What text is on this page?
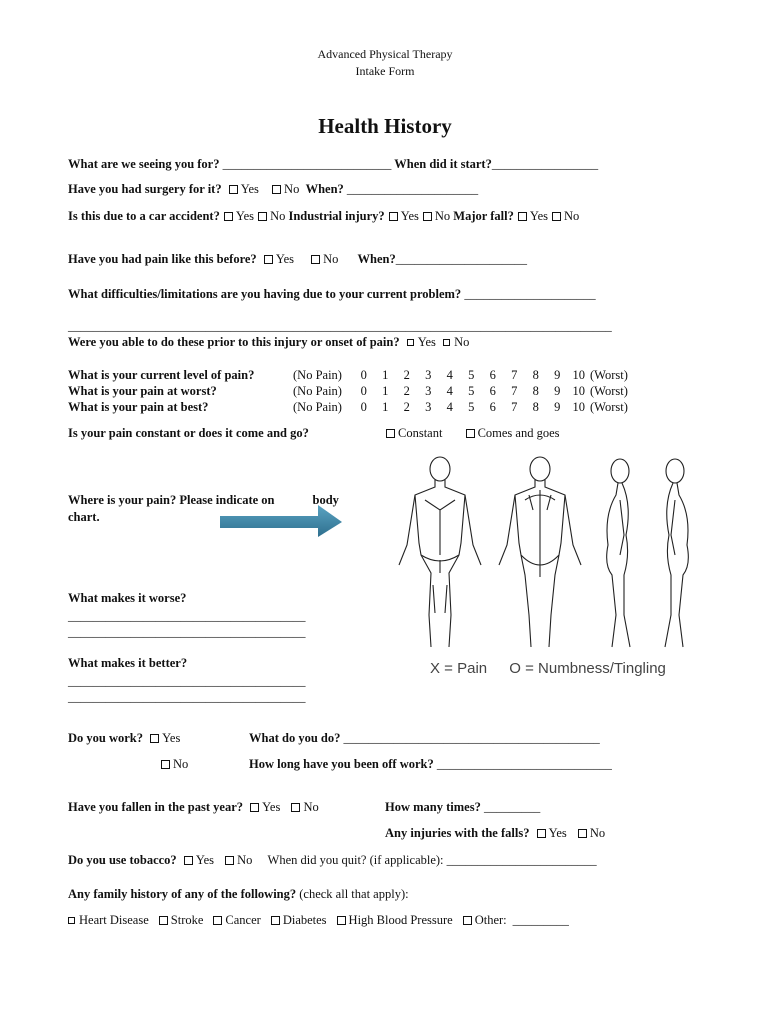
Advanced Physical Therapy
Intake Form
Health History
What are we seeing you for? ___________________________ When did it start?_________________
Have you had surgery for it? Yes No When? _____________________
Is this due to a car accident? Yes No Industrial injury? Yes No Major fall? Yes No
Have you had pain like this before? Yes No When?_____________________
What difficulties/limitations are you having due to your current problem? _____________________
_______________________________________________________________________________________
Were you able to do these prior to this injury or onset of pain? Yes No
What is your current level of pain?	(No Pain)	0 1 2 3 4 5 6 7 8 9 10 (Worst)
What is your pain at worst?	(No Pain)	0 1 2 3 4 5 6 7 8 9 10 (Worst)
What is your pain at best?	(No Pain)	0 1 2 3 4 5 6 7 8 9 10 (Worst)
Is your pain constant or does it come and go?	Constant	Comes and goes
Where is your pain? Please indicate on	body
chart.
X = Pain O = Numbness/Tingling
What makes it worse?
______________________________________
______________________________________
What makes it better?
______________________________________
______________________________________
Do you work? Yes
No
What do you do? _________________________________________
How long have you been off work? ____________________________
Have you fallen in the past year? Yes No	How many times? _________
Any injuries with the falls? Yes No
Do you use tobacco? Yes No When did you quit? (if applicable): ________________________
Any family history of any of the following? (check all that apply):
Heart Disease Stroke Cancer Diabetes High Blood Pressure Other: _________
